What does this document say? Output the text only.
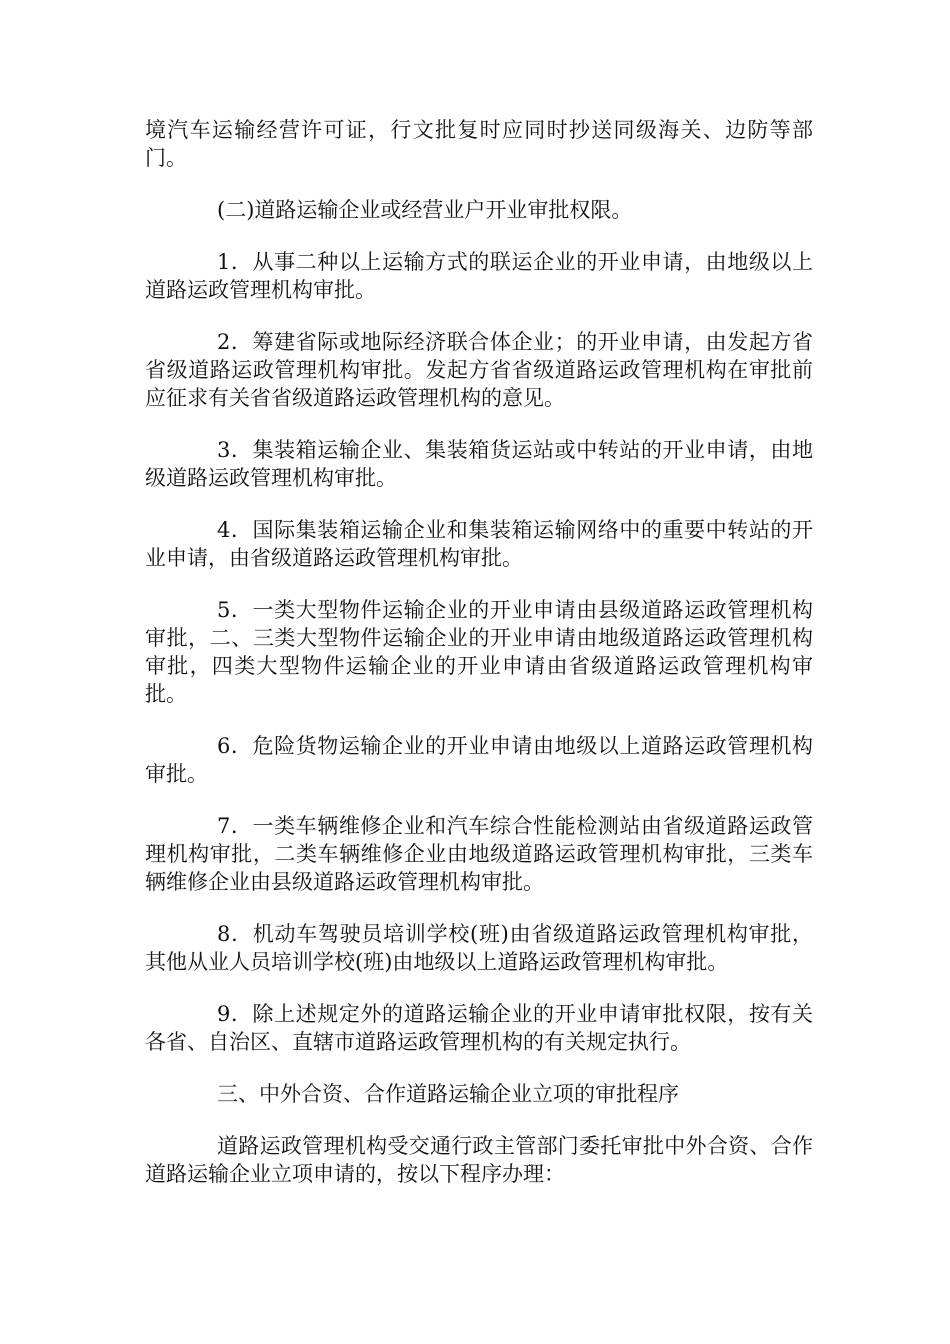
境汽车运输经营许可证，行文批复时应同时抄送同级海关、边防等部门。

(二)道路运输企业或经营业户开业审批权限。

1．从事二种以上运输方式的联运企业的开业申请，由地级以上道路运政管理机构审批。

2．筹建省际或地际经济联合体企业；的开业申请，由发起方省省级道路运政管理机构审批。发起方省省级道路运政管理机构在审批前应征求有关省省级道路运政管理机构的意见。

3．集装箱运输企业、集装箱货运站或中转站的开业申请，由地级道路运政管理机构审批。

4．国际集装箱运输企业和集装箱运输网络中的重要中转站的开业申请，由省级道路运政管理机构审批。

5．一类大型物件运输企业的开业申请由县级道路运政管理机构审批，二、三类大型物件运输企业的开业申请由地级道路运政管理机构审批，四类大型物件运输企业的开业申请由省级道路运政管理机构审批。

6．危险货物运输企业的开业申请由地级以上道路运政管理机构审批。

7．一类车辆维修企业和汽车综合性能检测站由省级道路运政管理机构审批，二类车辆维修企业由地级道路运政管理机构审批，三类车辆维修企业由县级道路运政管理机构审批。

8．机动车驾驶员培训学校(班)由省级道路运政管理机构审批，其他从业人员培训学校(班)由地级以上道路运政管理机构审批。

9．除上述规定外的道路运输企业的开业申请审批权限，按有关各省、自治区、直辖市道路运政管理机构的有关规定执行。

三、中外合资、合作道路运输企业立项的审批程序

道路运政管理机构受交通行政主管部门委托审批中外合资、合作道路运输企业立项申请的，按以下程序办理：
